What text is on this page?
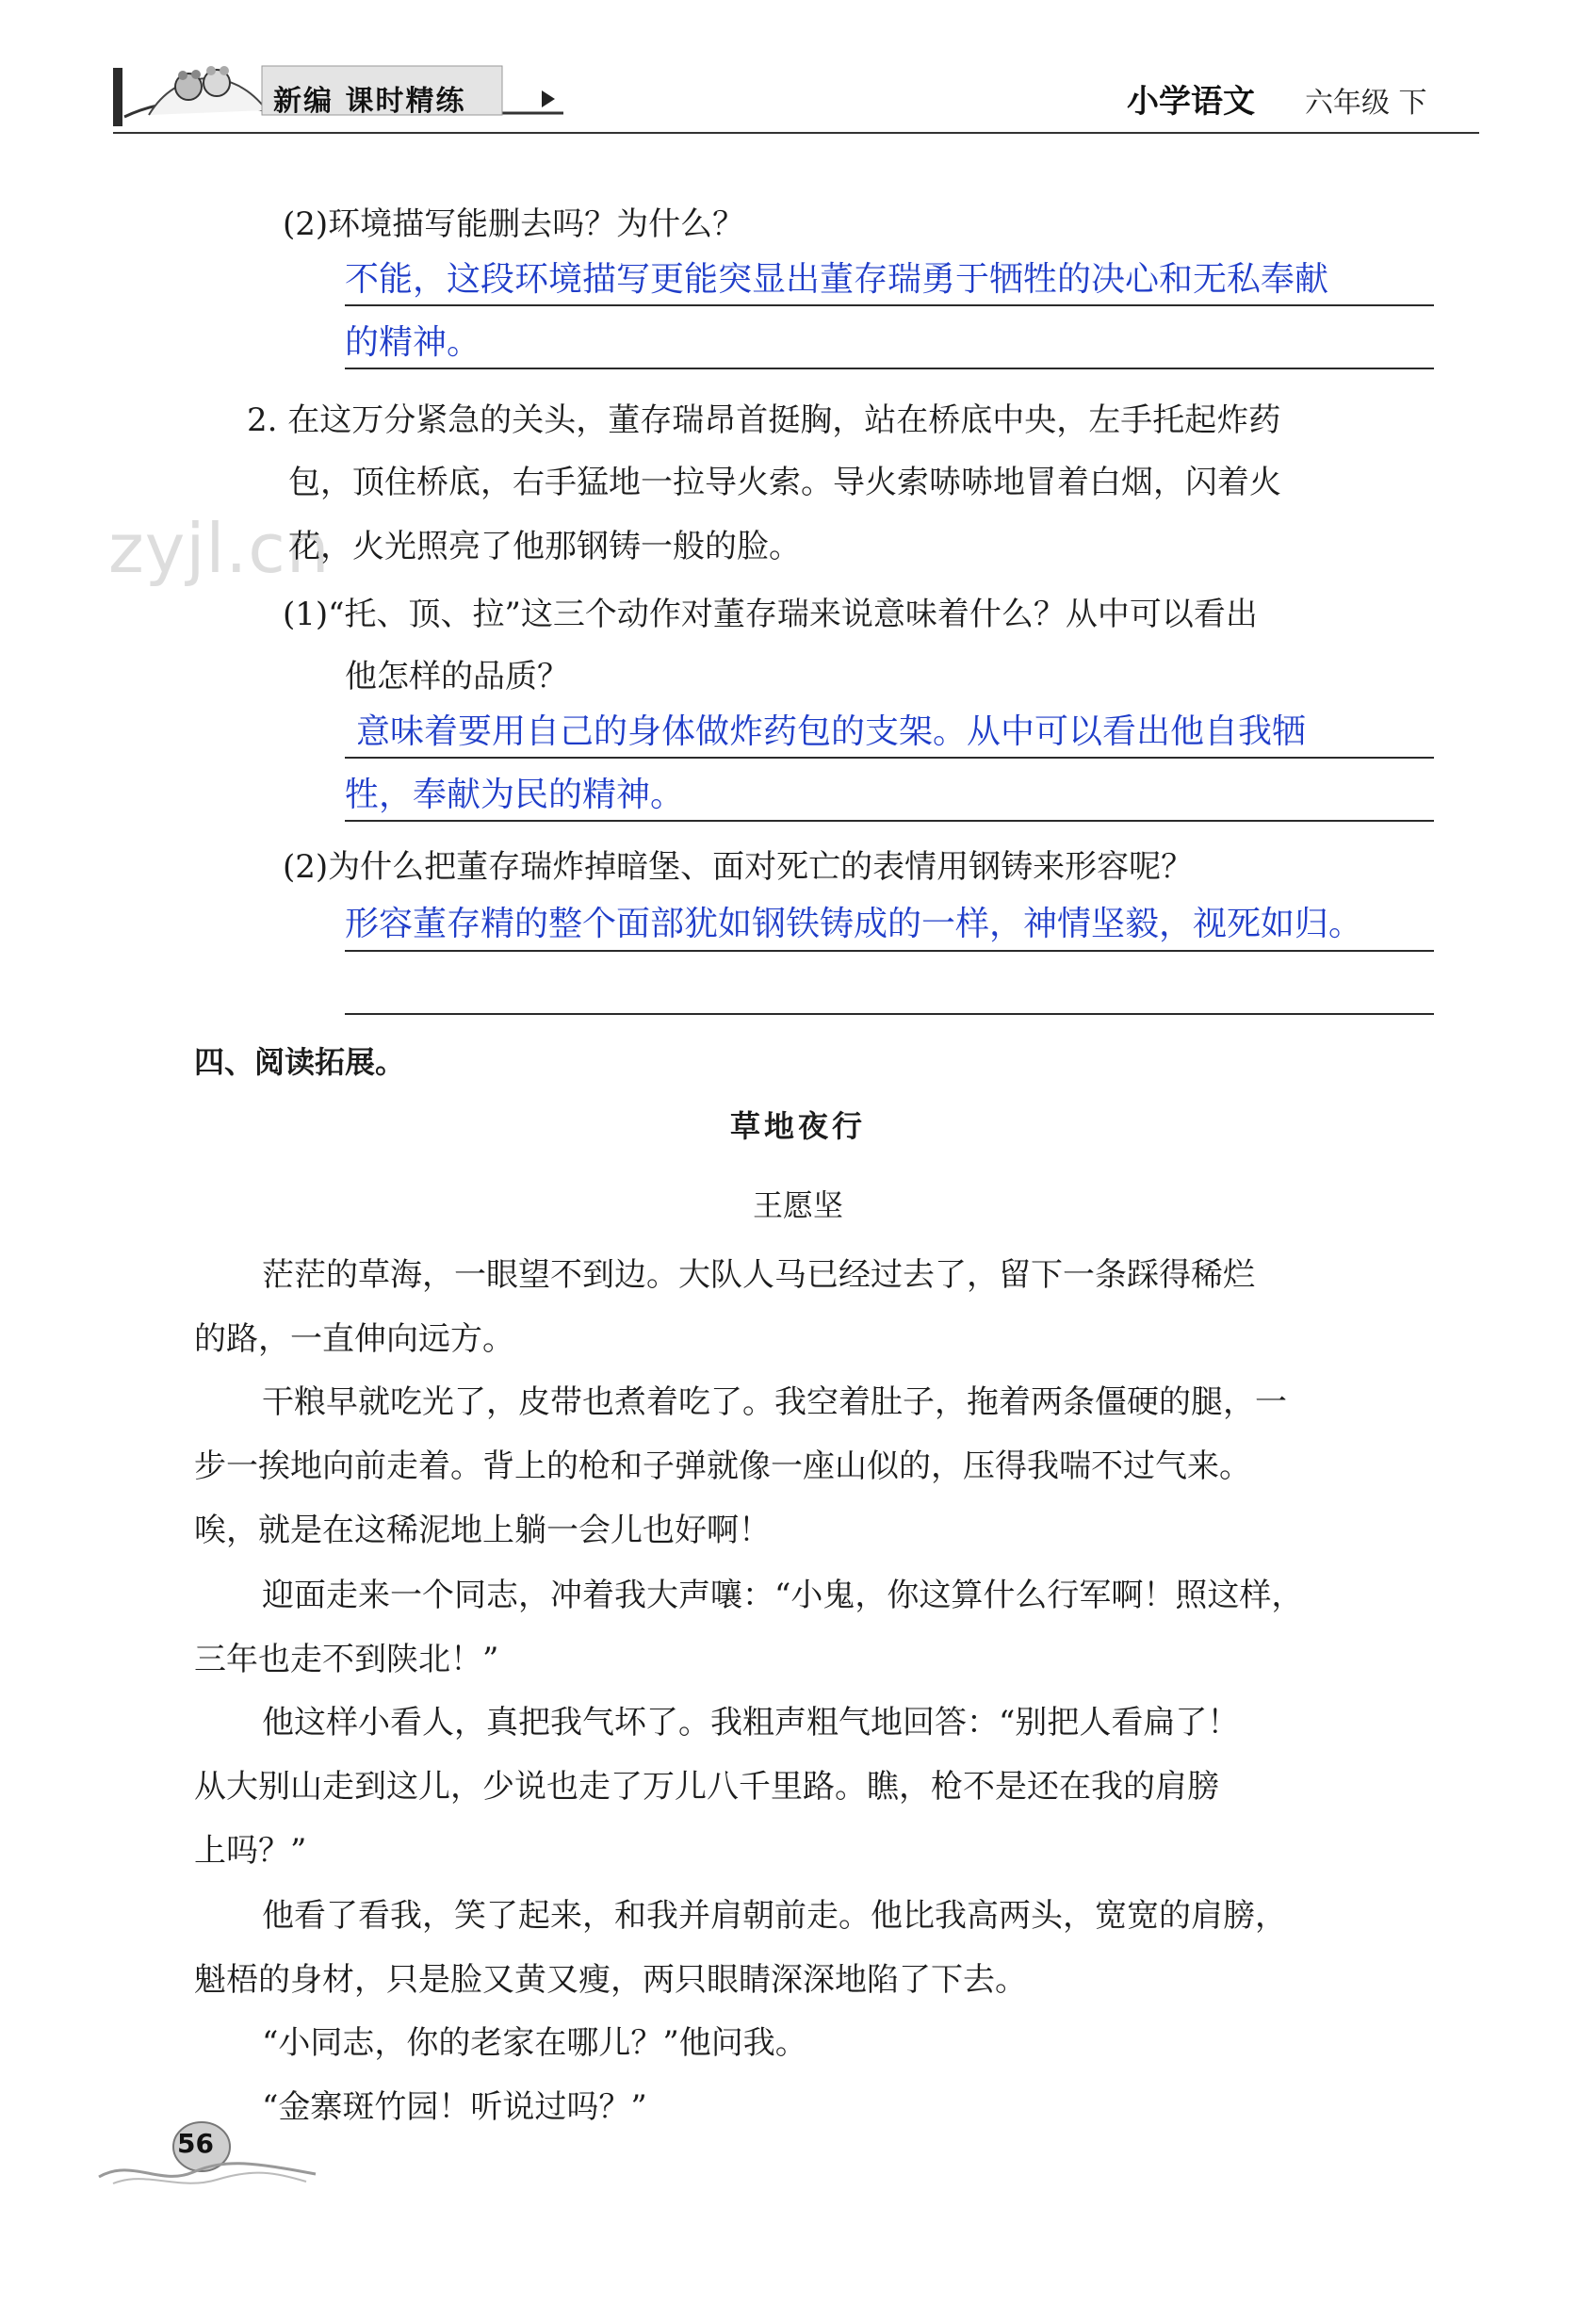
新编 课时精练	小学语文 六年级 下
zyjl.cn
(2)环境描写能删去吗？为什么？
不能，这段环境描写更能突显出董存瑞勇于牺牲的决心和无私奉献
的精神。
2. 在这万分紧急的关头，董存瑞昂首挺胸，站在桥底中央，左手托起炸药
包，顶住桥底，右手猛地一拉导火索。导火索哧哧地冒着白烟，闪着火
花，火光照亮了他那钢铸一般的脸。
(1)“托、顶、拉”这三个动作对董存瑞来说意味着什么？从中可以看出
他怎样的品质？
意味着要用自己的身体做炸药包的支架。从中可以看出他自我牺
牲，奉献为民的精神。
(2)为什么把董存瑞炸掉暗堡、面对死亡的表情用钢铸来形容呢？
形容董存精的整个面部犹如钢铁铸成的一样，神情坚毅，视死如归。
四、阅读拓展。
草地夜行
王愿坚
茫茫的草海，一眼望不到边。大队人马已经过去了，留下一条踩得稀烂
的路，一直伸向远方。
干粮早就吃光了，皮带也煮着吃了。我空着肚子，拖着两条僵硬的腿，一
步一挨地向前走着。背上的枪和子弹就像一座山似的，压得我喘不过气来。
唉，就是在这稀泥地上躺一会儿也好啊！
迎面走来一个同志，冲着我大声嚷：“小鬼，你这算什么行军啊！照这样，
三年也走不到陕北！”
他这样小看人，真把我气坏了。我粗声粗气地回答：“别把人看扁了！
从大别山走到这儿，少说也走了万儿八千里路。瞧，枪不是还在我的肩膀
上吗？”
他看了看我，笑了起来，和我并肩朝前走。他比我高两头，宽宽的肩膀，
魁梧的身材，只是脸又黄又瘦，两只眼睛深深地陷了下去。
“小同志，你的老家在哪儿？”他问我。
“金寨斑竹园！听说过吗？”
56
